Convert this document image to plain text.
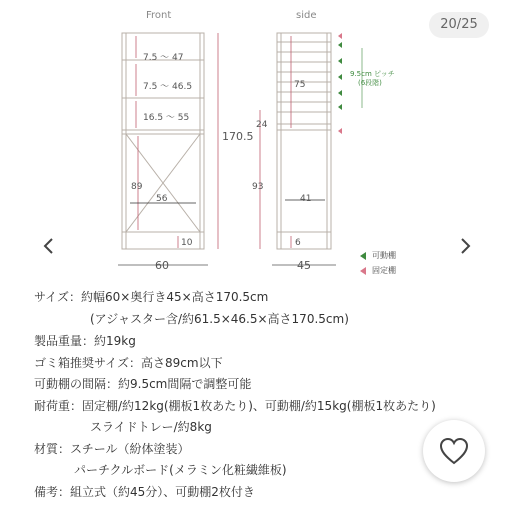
Front	side
7.5 ～ 47
7.5 ～ 46.5
16.5 ～ 55
89
56
10
60
170.5
75
24
93
41
6
45
9.5cm ピッチ
(6段階)
可動棚
固定棚
20/25
サイズ：約幅60×奥行き45×高さ170.5cm
(アジャスター含/約61.5×46.5×高さ170.5cm)
製品重量：約19kg
ゴミ箱推奨サイズ：高さ89cm以下
可動棚の間隔：約9.5cm間隔で調整可能
耐荷重：固定棚/約12kg(棚板1枚あたり)、可動棚/約15kg(棚板1枚あたり)
スライドトレー/約8kg
材質：スチール（紛体塗装）
パーチクルボード(メラミン化粧繊維板)
備考：組立式（約45分）、可動棚2枚付き
